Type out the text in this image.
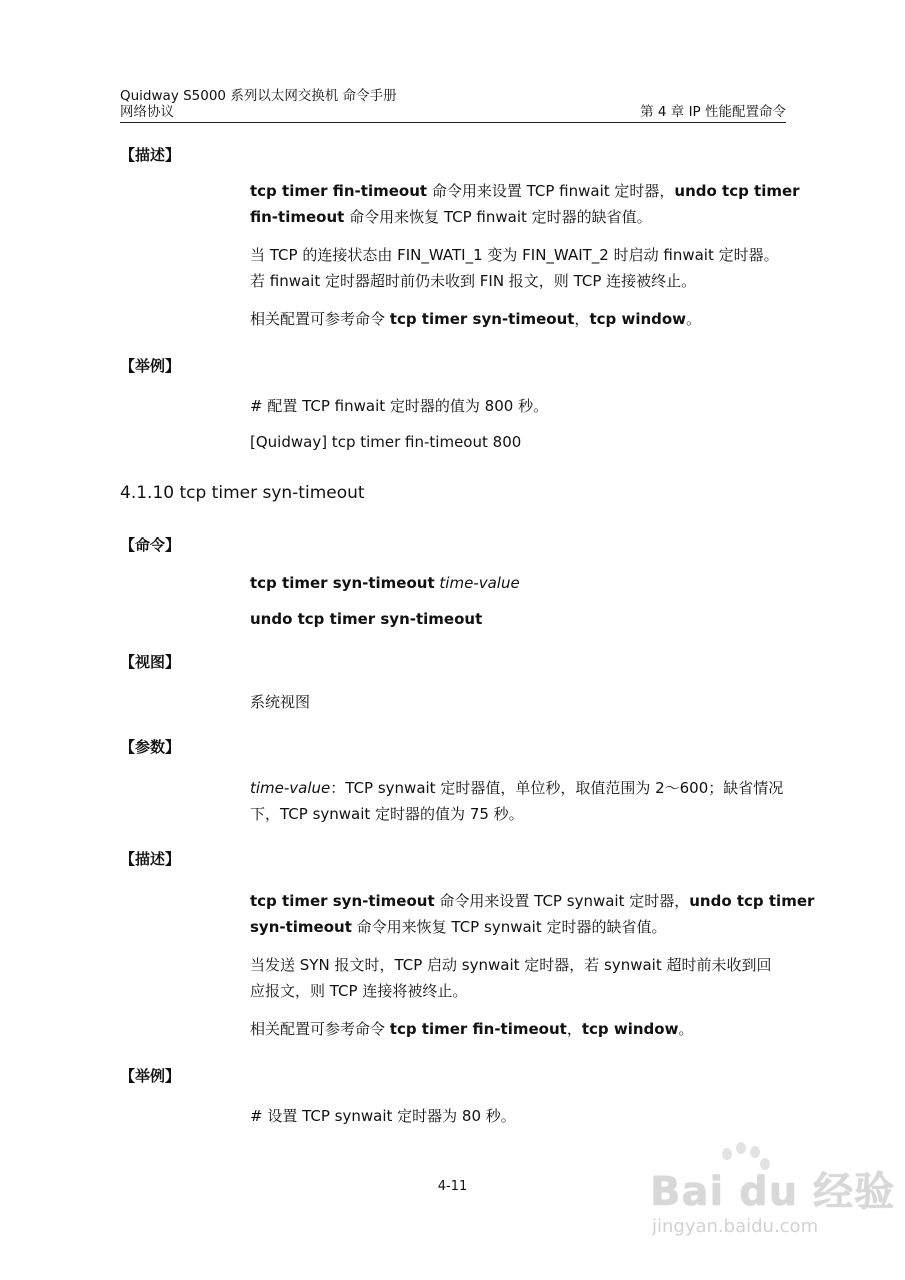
Quidway S5000 系列以太网交换机 命令手册
网络协议	第 4 章 IP 性能配置命令
【描述】
tcp timer fin-timeout 命令用来设置 TCP finwait 定时器，undo tcp timer
fin-timeout 命令用来恢复 TCP finwait 定时器的缺省值。
当 TCP 的连接状态由 FIN_WATI_1 变为 FIN_WAIT_2 时启动 finwait 定时器。
若 finwait 定时器超时前仍未收到 FIN 报文，则 TCP 连接被终止。
相关配置可参考命令 tcp timer syn-timeout，tcp window。
【举例】
# 配置 TCP finwait 定时器的值为 800 秒。
[Quidway] tcp timer fin-timeout 800
4.1.10 tcp timer syn-timeout
【命令】
tcp timer syn-timeout time-value
undo tcp timer syn-timeout
【视图】
系统视图
【参数】
time-value：TCP synwait 定时器值，单位秒，取值范围为 2～600；缺省情况
下，TCP synwait 定时器的值为 75 秒。
【描述】
tcp timer syn-timeout 命令用来设置 TCP synwait 定时器，undo tcp timer
syn-timeout 命令用来恢复 TCP synwait 定时器的缺省值。
当发送 SYN 报文时，TCP 启动 synwait 定时器，若 synwait 超时前未收到回
应报文，则 TCP 连接将被终止。
相关配置可参考命令 tcp timer fin-timeout，tcp window。
【举例】
# 设置 TCP synwait 定时器为 80 秒。
4-11	Bai du 经验
jingyan.baidu.com
